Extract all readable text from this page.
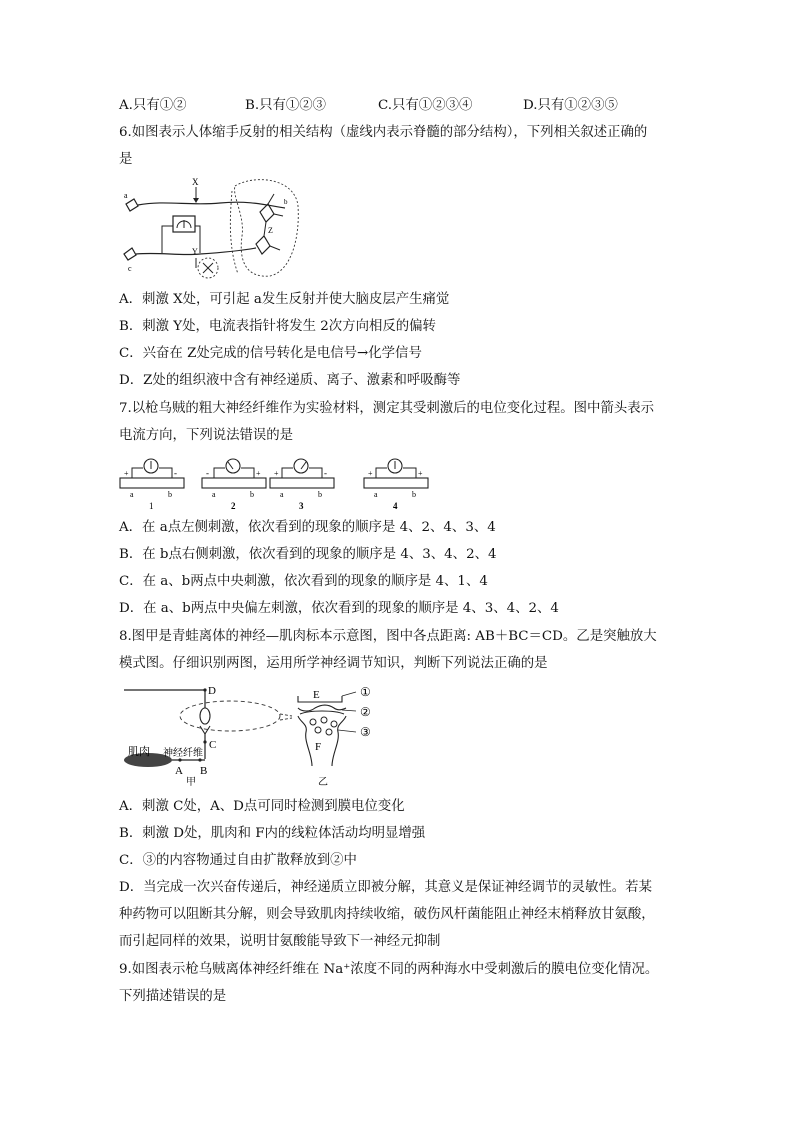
A.只有①②	B.只有①②③	C.只有①②③④	D.只有①②③⑤
6.如图表示人体缩手反射的相关结构（虚线内表示脊髓的部分结构），下列相关叙述正确的
是
a
X
Z
b
c
Y
A．刺激 X处，可引起 a发生反射并使大脑皮层产生痛觉
B．刺激 Y处，电流表指针将发生 2次方向相反的偏转
C．兴奋在 Z处完成的信号转化是电信号→化学信号
D．Z处的组织液中含有神经递质、离子、激素和呼吸酶等
7.以枪乌贼的粗大神经纤维作为实验材料，测定其受刺激后的电位变化过程。图中箭头表示
电流方向，下列说法错误的是
+	-
a	b
1
-	+
a	b
2
+	-
a	b
3
+	+
a	b
4
A．在 a点左侧刺激，依次看到的现象的顺序是 4、2、4、3、4
B．在 b点右侧刺激，依次看到的现象的顺序是 4、3、4、2、4
C．在 a、b两点中央刺激，依次看到的现象的顺序是 4、1、4
D．在 a、b两点中央偏左刺激，依次看到的现象的顺序是 4、3、4、2、4
8.图甲是青蛙离体的神经—肌肉标本示意图，图中各点距离: AB＋BC＝CD。乙是突触放大
模式图。仔细识别两图，运用所学神经调节知识，判断下列说法正确的是
D
C
肌肉 神经纤维
A B
甲
E	①
②
③
F
乙
A．刺激 C处，A、D点可同时检测到膜电位变化
B．刺激 D处，肌肉和 F内的线粒体活动均明显增强
C．③的内容物通过自由扩散释放到②中
D．当完成一次兴奋传递后，神经递质立即被分解，其意义是保证神经调节的灵敏性。若某
种药物可以阻断其分解，则会导致肌肉持续收缩，破伤风杆菌能阻止神经末梢释放甘氨酸，
而引起同样的效果，说明甘氨酸能导致下一神经元抑制
9.如图表示枪乌贼离体神经纤维在 Na⁺浓度不同的两种海水中受刺激后的膜电位变化情况。
下列描述错误的是
